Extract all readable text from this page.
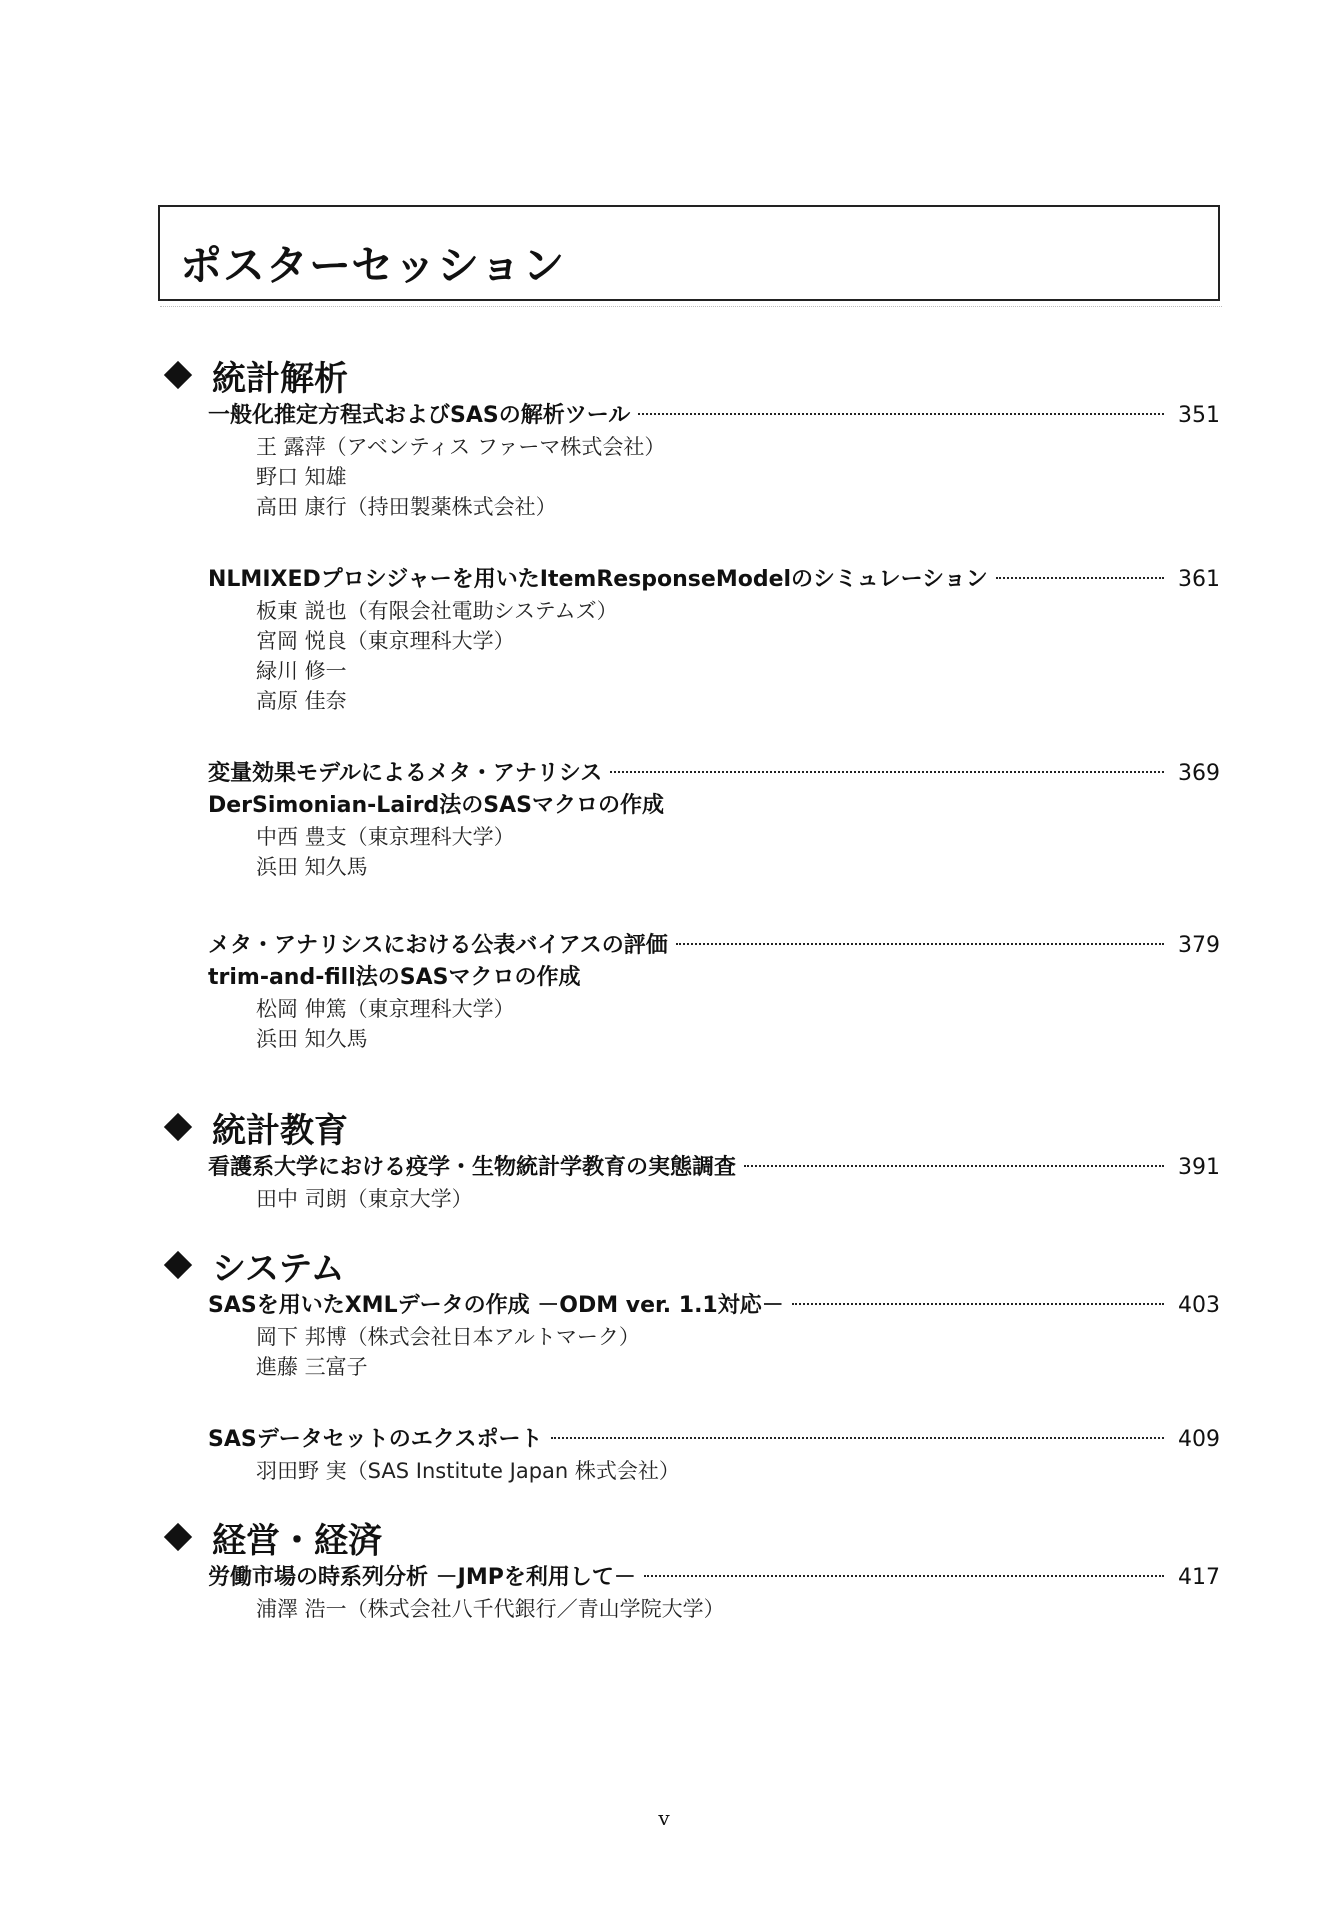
ポスターセッション
統計解析
一般化推定方程式およびSASの解析ツール	351
王 露萍（アベンティス ファーマ株式会社）
野口 知雄
高田 康行（持田製薬株式会社）
NLMIXEDプロシジャーを用いたItemResponseModelのシミュレーション	361
板東 説也（有限会社電助システムズ）
宮岡 悦良（東京理科大学）
緑川 修一
高原 佳奈
変量効果モデルによるメタ・アナリシス	369
DerSimonian-Laird法のSASマクロの作成
中西 豊支（東京理科大学）
浜田 知久馬
メタ・アナリシスにおける公表バイアスの評価	379
trim-and-fill法のSASマクロの作成
松岡 伸篤（東京理科大学）
浜田 知久馬
統計教育
看護系大学における疫学・生物統計学教育の実態調査	391
田中 司朗（東京大学）
システム
SASを用いたXMLデータの作成 －ODM ver. 1.1対応－	403
岡下 邦博（株式会社日本アルトマーク）
進藤 三富子
SASデータセットのエクスポート	409
羽田野 実（SAS Institute Japan 株式会社）
経営・経済
労働市場の時系列分析 －JMPを利用して－	417
浦澤 浩一（株式会社八千代銀行／青山学院大学）
v
